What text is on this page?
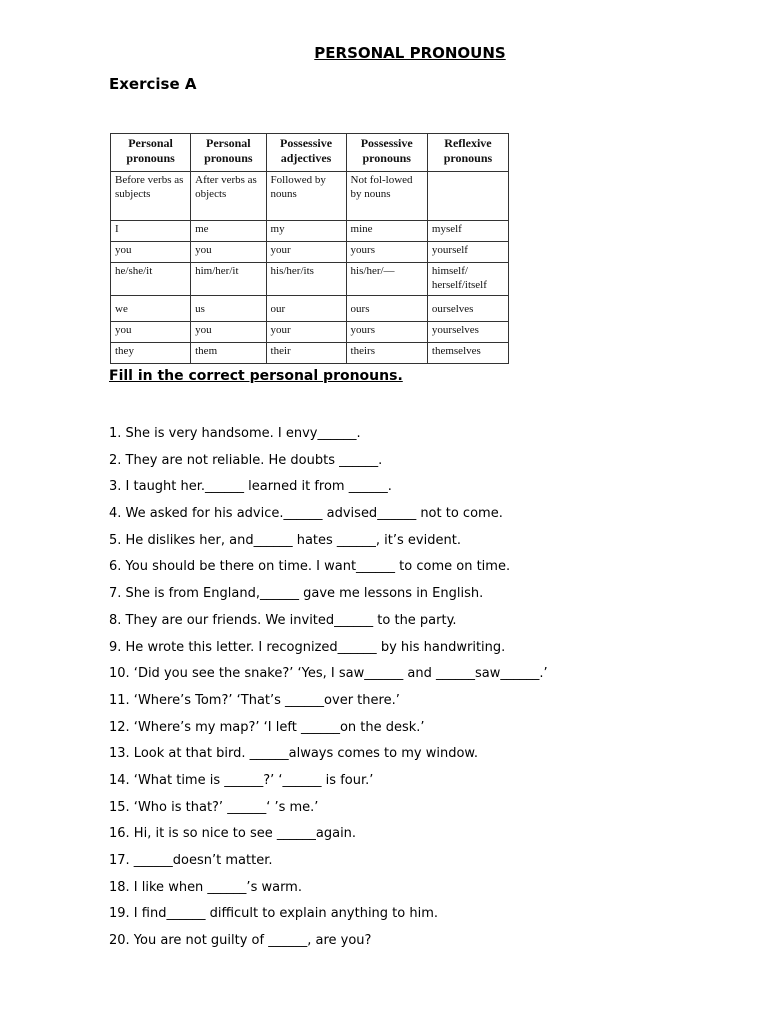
PERSONAL PRONOUNS
Exercise A
Personal pronouns	Personal pronouns	Possessive adjectives	Possessive pronouns	Reflexive pronouns
Before verbs as subjects	After verbs as objects	Followed by nouns	Not fol-lowed by nouns	
I	me	my	mine	myself
you	you	your	yours	yourself
he/she/it	him/her/it	his/her/its	his/her/—	himself/ herself/itself
we	us	our	ours	ourselves
you	you	your	yours	yourselves
they	them	their	theirs	themselves
Fill in the correct personal pronouns.
1. She is very handsome. I envy______.
2. They are not reliable. He doubts ______.
3. I taught her.______ learned it from ______.
4. We asked for his advice.______ advised______ not to come.
5. He dislikes her, and______ hates ______, it’s evident.
6. You should be there on time. I want______ to come on time.
7. She is from England,______ gave me lessons in English.
8. They are our friends. We invited______ to the party.
9. He wrote this letter. I recognized______ by his handwriting.
10. ‘Did you see the snake?’ ‘Yes, I saw______ and ______saw______.’
11. ‘Where’s Tom?’ ‘That’s ______over there.’
12. ‘Where’s my map?’ ‘I left ______on the desk.’
13. Look at that bird. ______always comes to my window.
14. ‘What time is ______?’ ‘______ is four.’
15. ‘Who is that?’ ______‘ ’s me.’
16. Hi, it is so nice to see ______again.
17. ______doesn’t matter.
18. I like when ______’s warm.
19. I find______ difficult to explain anything to him.
20. You are not guilty of ______, are you?
